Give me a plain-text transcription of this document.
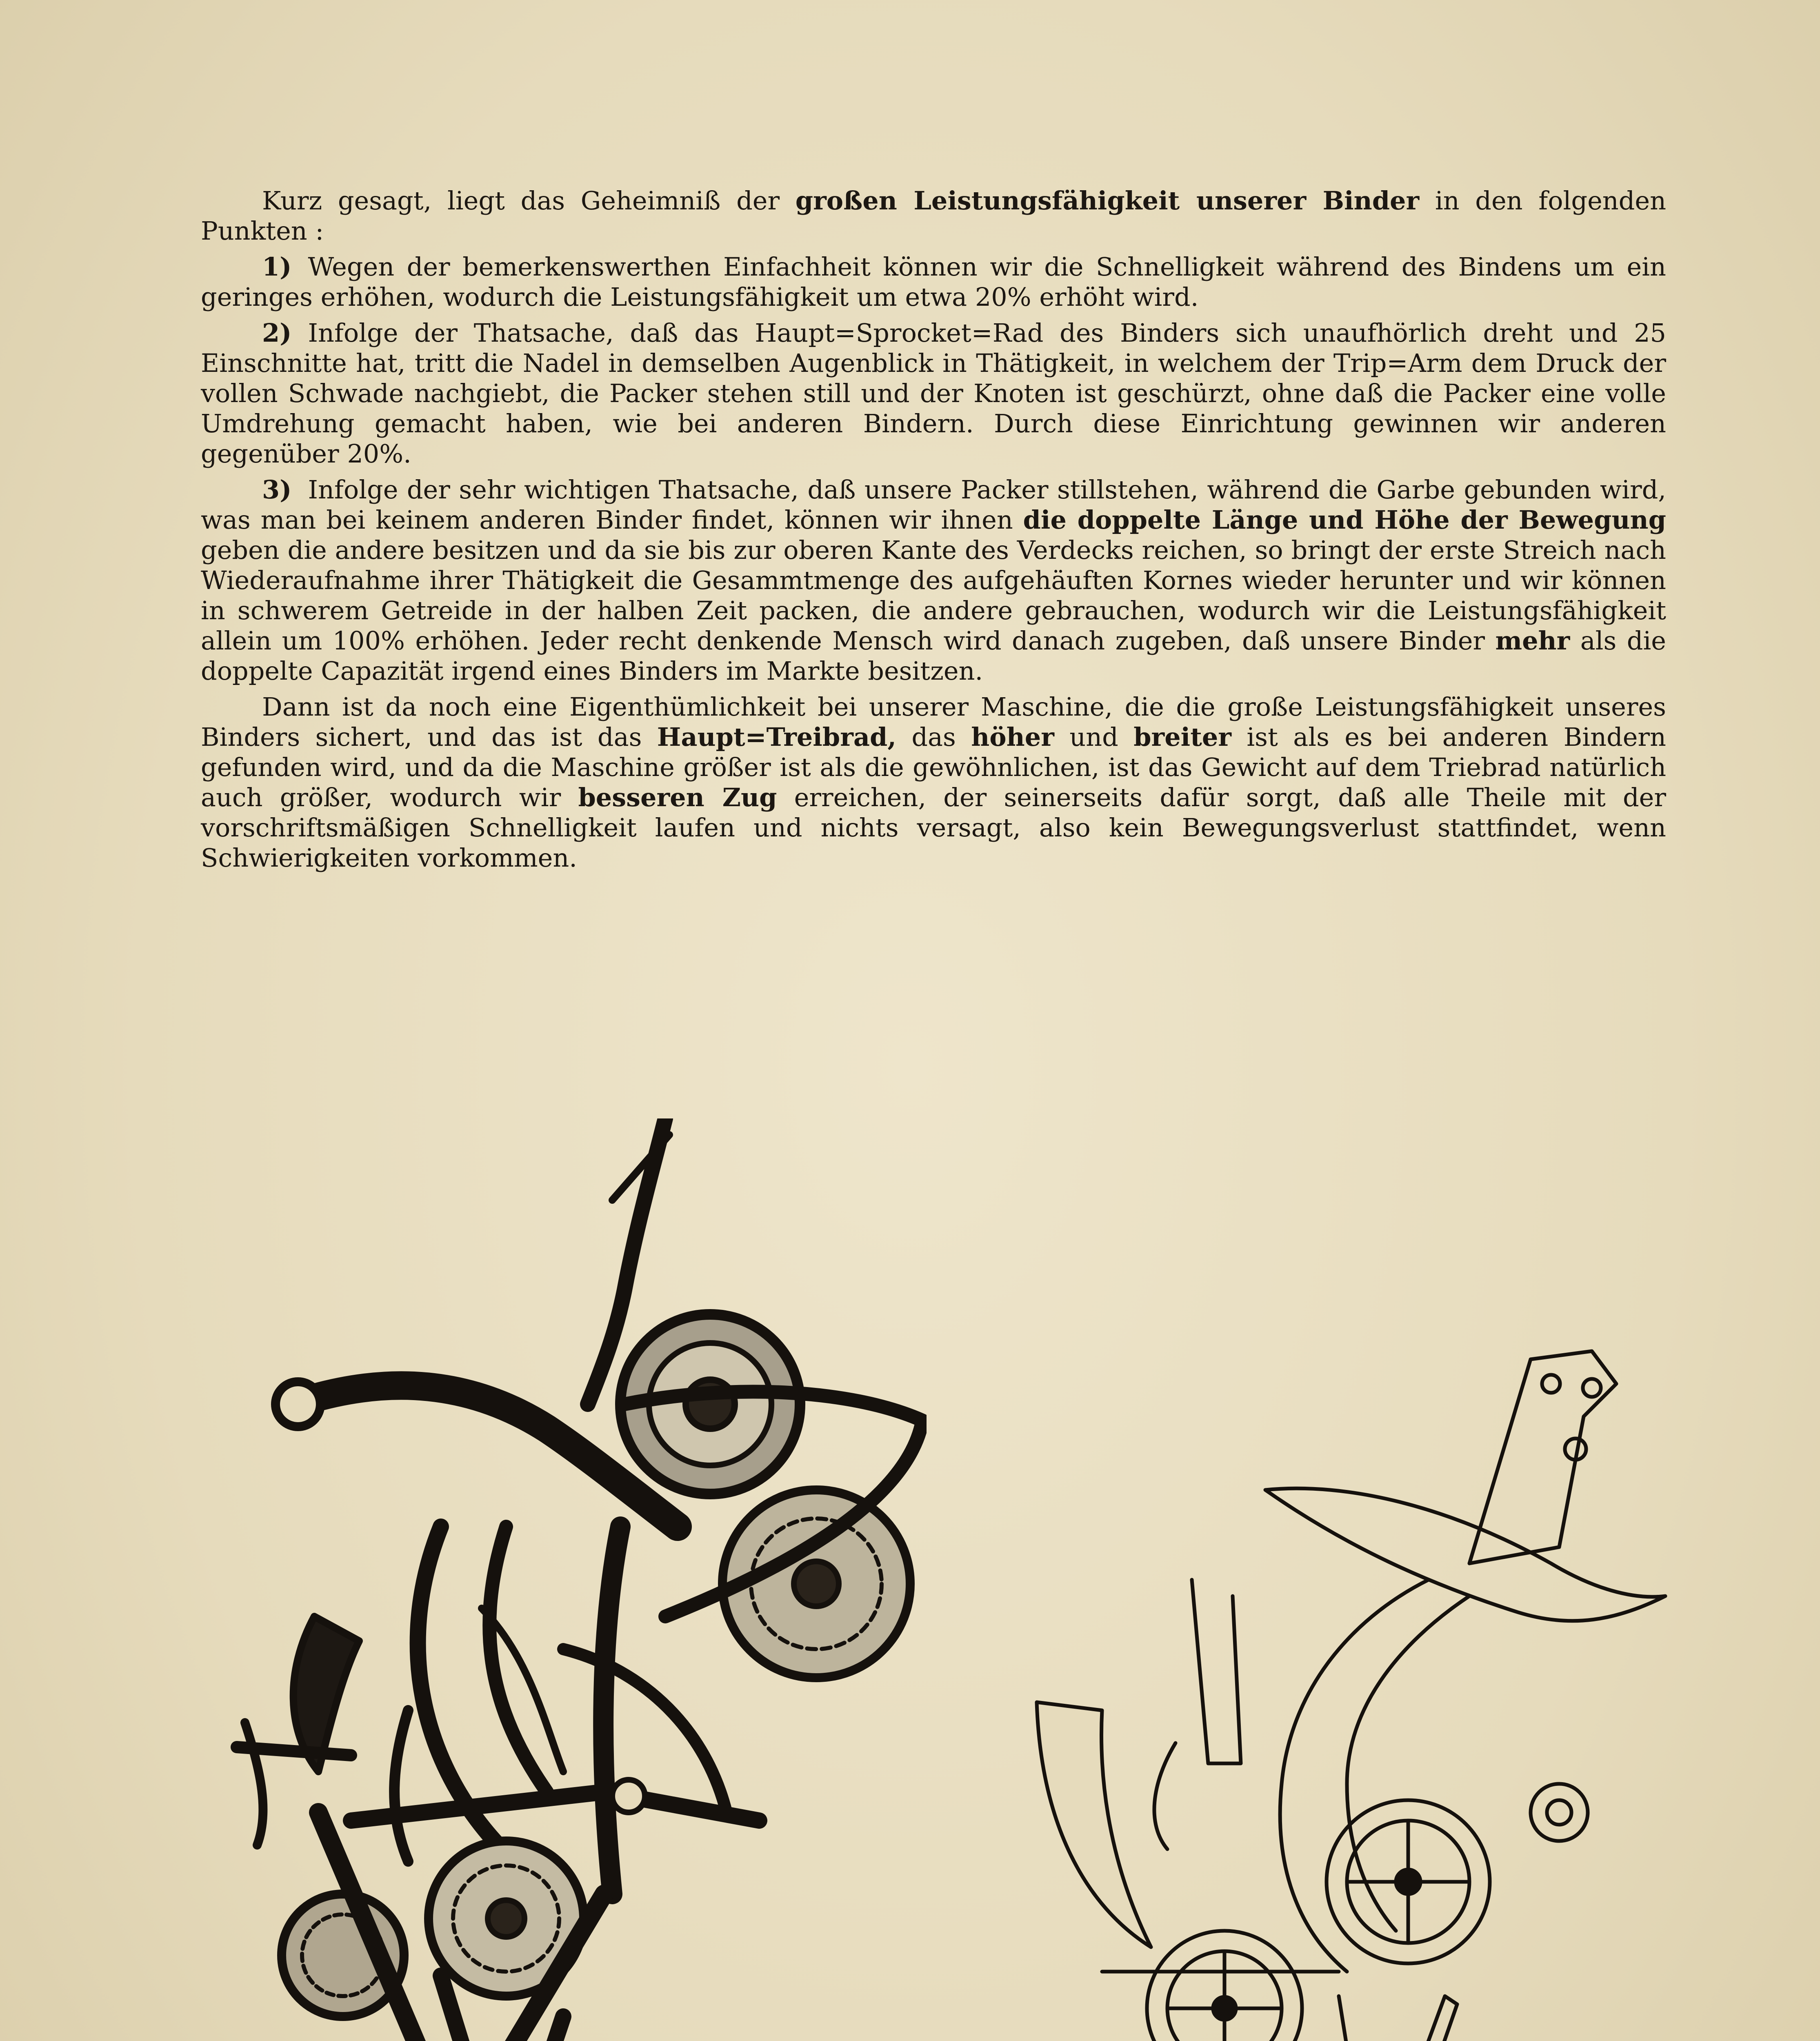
Kurz gesagt, liegt das Geheimniß der großen Leistungsfähigkeit unserer Binder in den folgenden Punkten :

1) Wegen der bemerkenswerthen Einfachheit können wir die Schnelligkeit während des Bindens um ein geringes erhöhen, wodurch die Leistungsfähigkeit um etwa 20% erhöht wird.

2) Infolge der Thatsache, daß das Haupt=Sprocket=Rad des Binders sich unaufhörlich dreht und 25 Einschnitte hat, tritt die Nadel in demselben Augenblick in Thätigkeit, in welchem der Trip=Arm dem Druck der vollen Schwade nachgiebt, die Packer stehen still und der Knoten ist geschürzt, ohne daß die Packer eine volle Umdrehung gemacht haben, wie bei anderen Bindern. Durch diese Einrichtung gewinnen wir anderen gegenüber 20%.

3) Infolge der sehr wichtigen Thatsache, daß unsere Packer stillstehen, während die Garbe gebunden wird, was man bei keinem anderen Binder findet, können wir ihnen die doppelte Länge und Höhe der Bewegung geben die andere besitzen und da sie bis zur oberen Kante des Verdecks reichen, so bringt der erste Streich nach Wiederaufnahme ihrer Thätigkeit die Gesammtmenge des aufgehäuften Kornes wieder herunter und wir können in schwerem Getreide in der halben Zeit packen, die andere gebrauchen, wodurch wir die Leistungsfähigkeit allein um 100% erhöhen. Jeder recht denkende Mensch wird danach zugeben, daß unsere Binder mehr als die doppelte Capazität irgend eines Binders im Markte besitzen.

Dann ist da noch eine Eigenthümlichkeit bei unserer Maschine, die die große Leistungsfähigkeit unseres Binders sichert, und das ist das Haupt=Treibrad, das höher und breiter ist als es bei anderen Bindern gefunden wird, und da die Maschine größer ist als die gewöhnlichen, ist das Gewicht auf dem Triebrad natürlich auch größer, wodurch wir besseren Zug erreichen, der seinerseits dafür sorgt, daß alle Theile mit der vorschriftsmäßigen Schnelligkeit laufen und nichts versagt, also kein Bewegungsverlust stattfindet, wenn Schwierigkeiten vorkommen.
